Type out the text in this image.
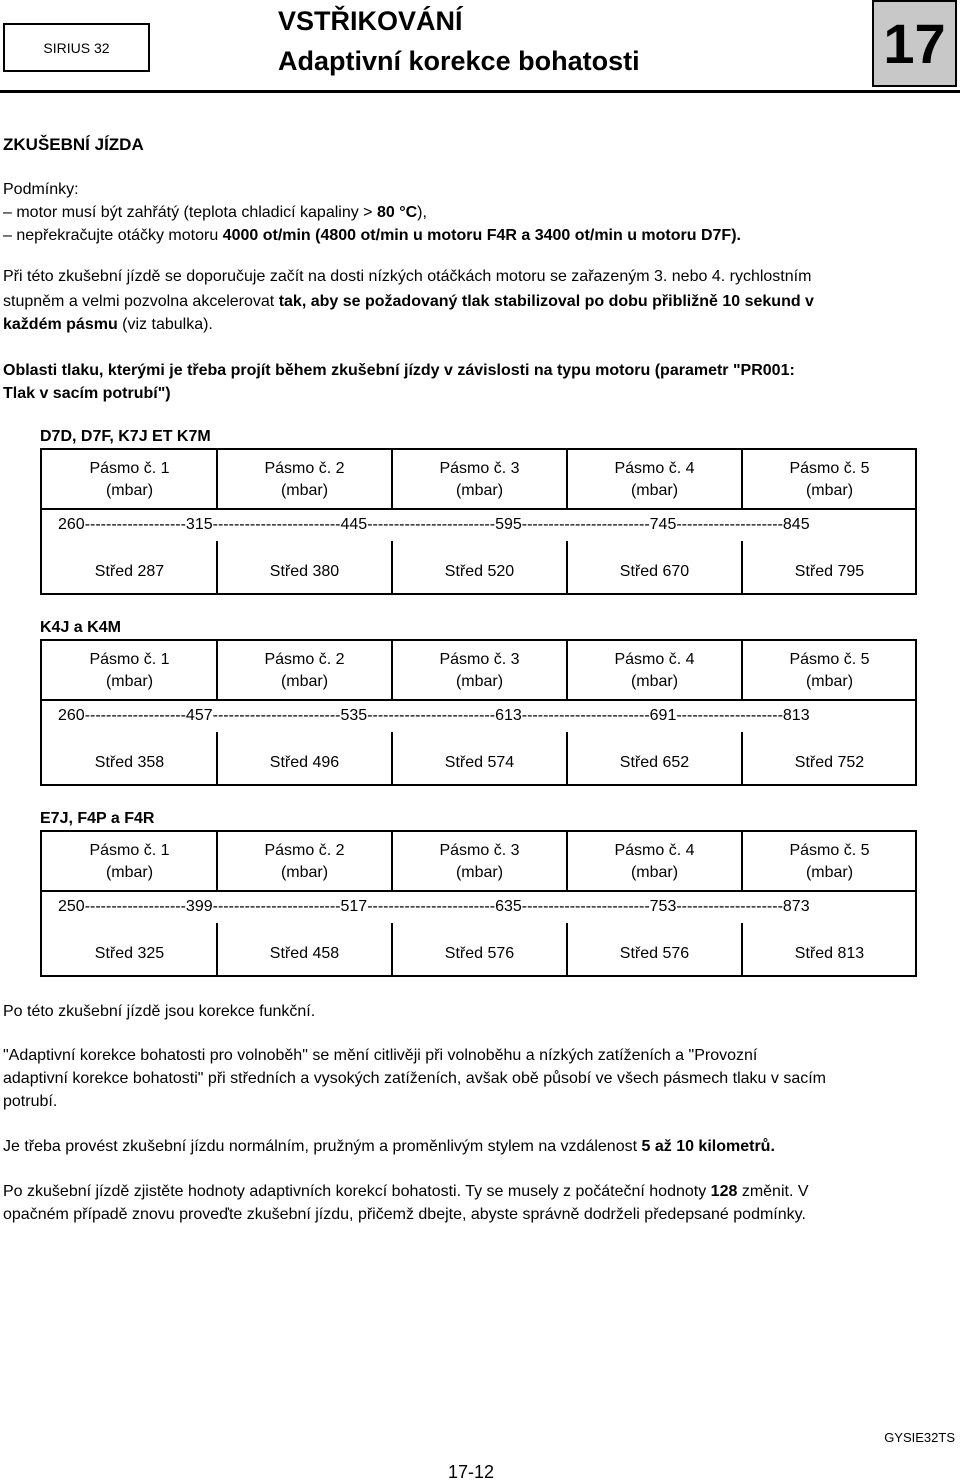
SIRIUS 32
VSTŘIKOVÁNÍ
Adaptivní korekce bohatosti	17
ZKUŠEBNÍ JÍZDA
Podmínky:
– motor musí být zahřátý (teplota chladicí kapaliny > 80 °C),
– nepřekračujte otáčky motoru 4000 ot/min (4800 ot/min u motoru F4R a 3400 ot/min u motoru D7F).
Při této zkušební jízdě se doporučuje začít na dosti nízkých otáčkách motoru se zařazeným 3. nebo 4. rychlostním
stupněm a velmi pozvolna akcelerovat tak, aby se požadovaný tlak stabilizoval po dobu přibližně 10 sekund v
každém pásmu (viz tabulka).
Oblasti tlaku, kterými je třeba projít během zkušební jízdy v závislosti na typu motoru (parametr "PR001:
Tlak v sacím potrubí")
D7D, D7F, K7J ET K7M
Pásmo č. 1
(mbar)
Pásmo č. 2
(mbar)
Pásmo č. 3
(mbar)
Pásmo č. 4
(mbar)
Pásmo č. 5
(mbar)
260-------------------315------------------------445------------------------595------------------------745--------------------845
Střed 287	Střed 380	Střed 520	Střed 670	Střed 795
K4J a K4M
Pásmo č. 1
(mbar)
Pásmo č. 2
(mbar)
Pásmo č. 3
(mbar)
Pásmo č. 4
(mbar)
Pásmo č. 5
(mbar)
260-------------------457------------------------535------------------------613------------------------691--------------------813
Střed 358	Střed 496	Střed 574	Střed 652	Střed 752
E7J, F4P a F4R
Pásmo č. 1
(mbar)
Pásmo č. 2
(mbar)
Pásmo č. 3
(mbar)
Pásmo č. 4
(mbar)
Pásmo č. 5
(mbar)
250-------------------399------------------------517------------------------635------------------------753--------------------873
Střed 325	Střed 458	Střed 576	Střed 576	Střed 813
Po této zkušební jízdě jsou korekce funkční.
"Adaptivní korekce bohatosti pro volnoběh" se mění citlivěji při volnoběhu a nízkých zatíženích a "Provozní
adaptivní korekce bohatosti" při středních a vysokých zatíženích, avšak obě působí ve všech pásmech tlaku v sacím
potrubí.
Je třeba provést zkušební jízdu normálním, pružným a proměnlivým stylem na vzdálenost 5 až 10 kilometrů.
Po zkušební jízdě zjistěte hodnoty adaptivních korekcí bohatosti. Ty se musely z počáteční hodnoty 128 změnit. V
opačném případě znovu proveďte zkušební jízdu, přičemž dbejte, abyste správně dodrželi předepsané podmínky.
GYSIE32TS
17-12
